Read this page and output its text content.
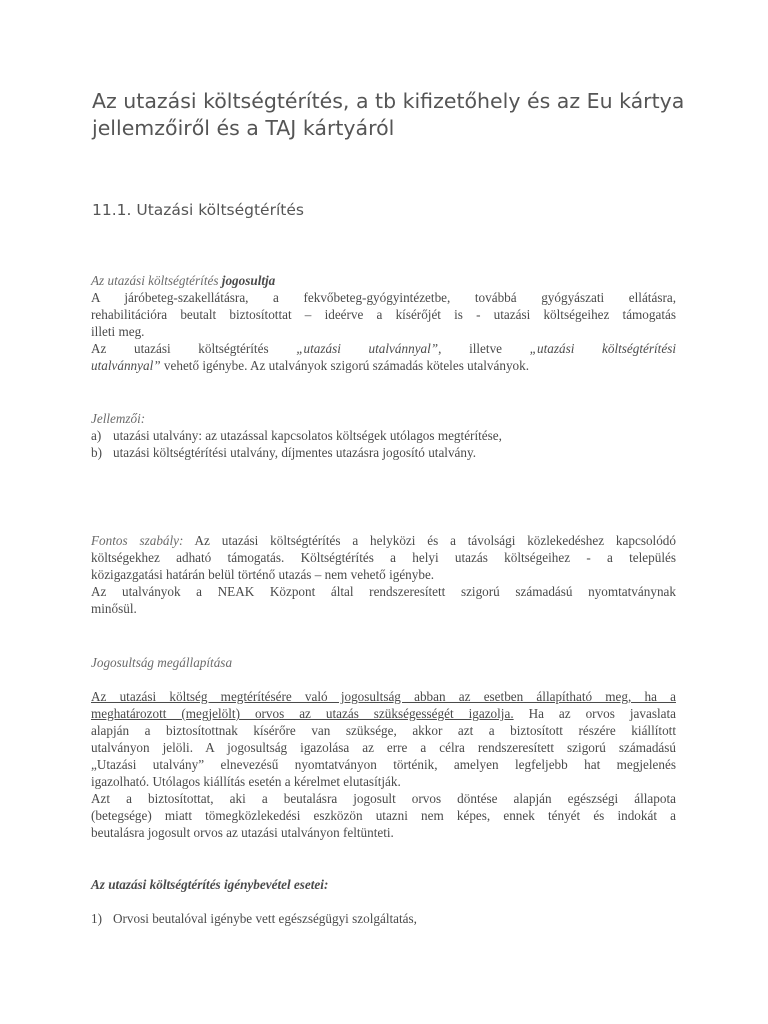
Az utazási költségtérítés, a tb kifizetőhely és az Eu kártya
jellemzőiről és a TAJ kártyáról
11.1. Utazási költségtérítés
Az utazási költségtérítés jogosultja
A járóbeteg-szakellátásra, a fekvőbeteg-gyógyintézetbe, továbbá gyógyászati ellátásra,
rehabilitációra beutalt biztosítottat – ideérve a kísérőjét is - utazási költségeihez támogatás
illeti meg.
Az utazási költségtérítés „utazási utalvánnyal”, illetve „utazási költségtérítési
utalvánnyal” vehető igénybe. Az utalványok szigorú számadás köteles utalványok.
Jellemzői:
a) utazási utalvány: az utazással kapcsolatos költségek utólagos megtérítése,
b) utazási költségtérítési utalvány, díjmentes utazásra jogosító utalvány.
Fontos szabály: Az utazási költségtérítés a helyközi és a távolsági közlekedéshez kapcsolódó
költségekhez adható támogatás. Költségtérítés a helyi utazás költségeihez - a település
közigazgatási határán belül történő utazás – nem vehető igénybe.
Az utalványok a NEAK Központ által rendszeresített szigorú számadású nyomtatványnak
minősül.
Jogosultság megállapítása
Az utazási költség megtérítésére való jogosultság abban az esetben állapítható meg, ha a
meghatározott (megjelölt) orvos az utazás szükségességét igazolja. Ha az orvos javaslata
alapján a biztosítottnak kísérőre van szüksége, akkor azt a biztosított részére kiállított
utalványon jelöli. A jogosultság igazolása az erre a célra rendszeresített szigorú számadású
„Utazási utalvány” elnevezésű nyomtatványon történik, amelyen legfeljebb hat megjelenés
igazolható. Utólagos kiállítás esetén a kérelmet elutasítják.
Azt a biztosítottat, aki a beutalásra jogosult orvos döntése alapján egészségi állapota
(betegsége) miatt tömegközlekedési eszközön utazni nem képes, ennek tényét és indokát a
beutalásra jogosult orvos az utazási utalványon feltünteti.
Az utazási költségtérítés igénybevétel esetei:
1) Orvosi beutalóval igénybe vett egészségügyi szolgáltatás,
